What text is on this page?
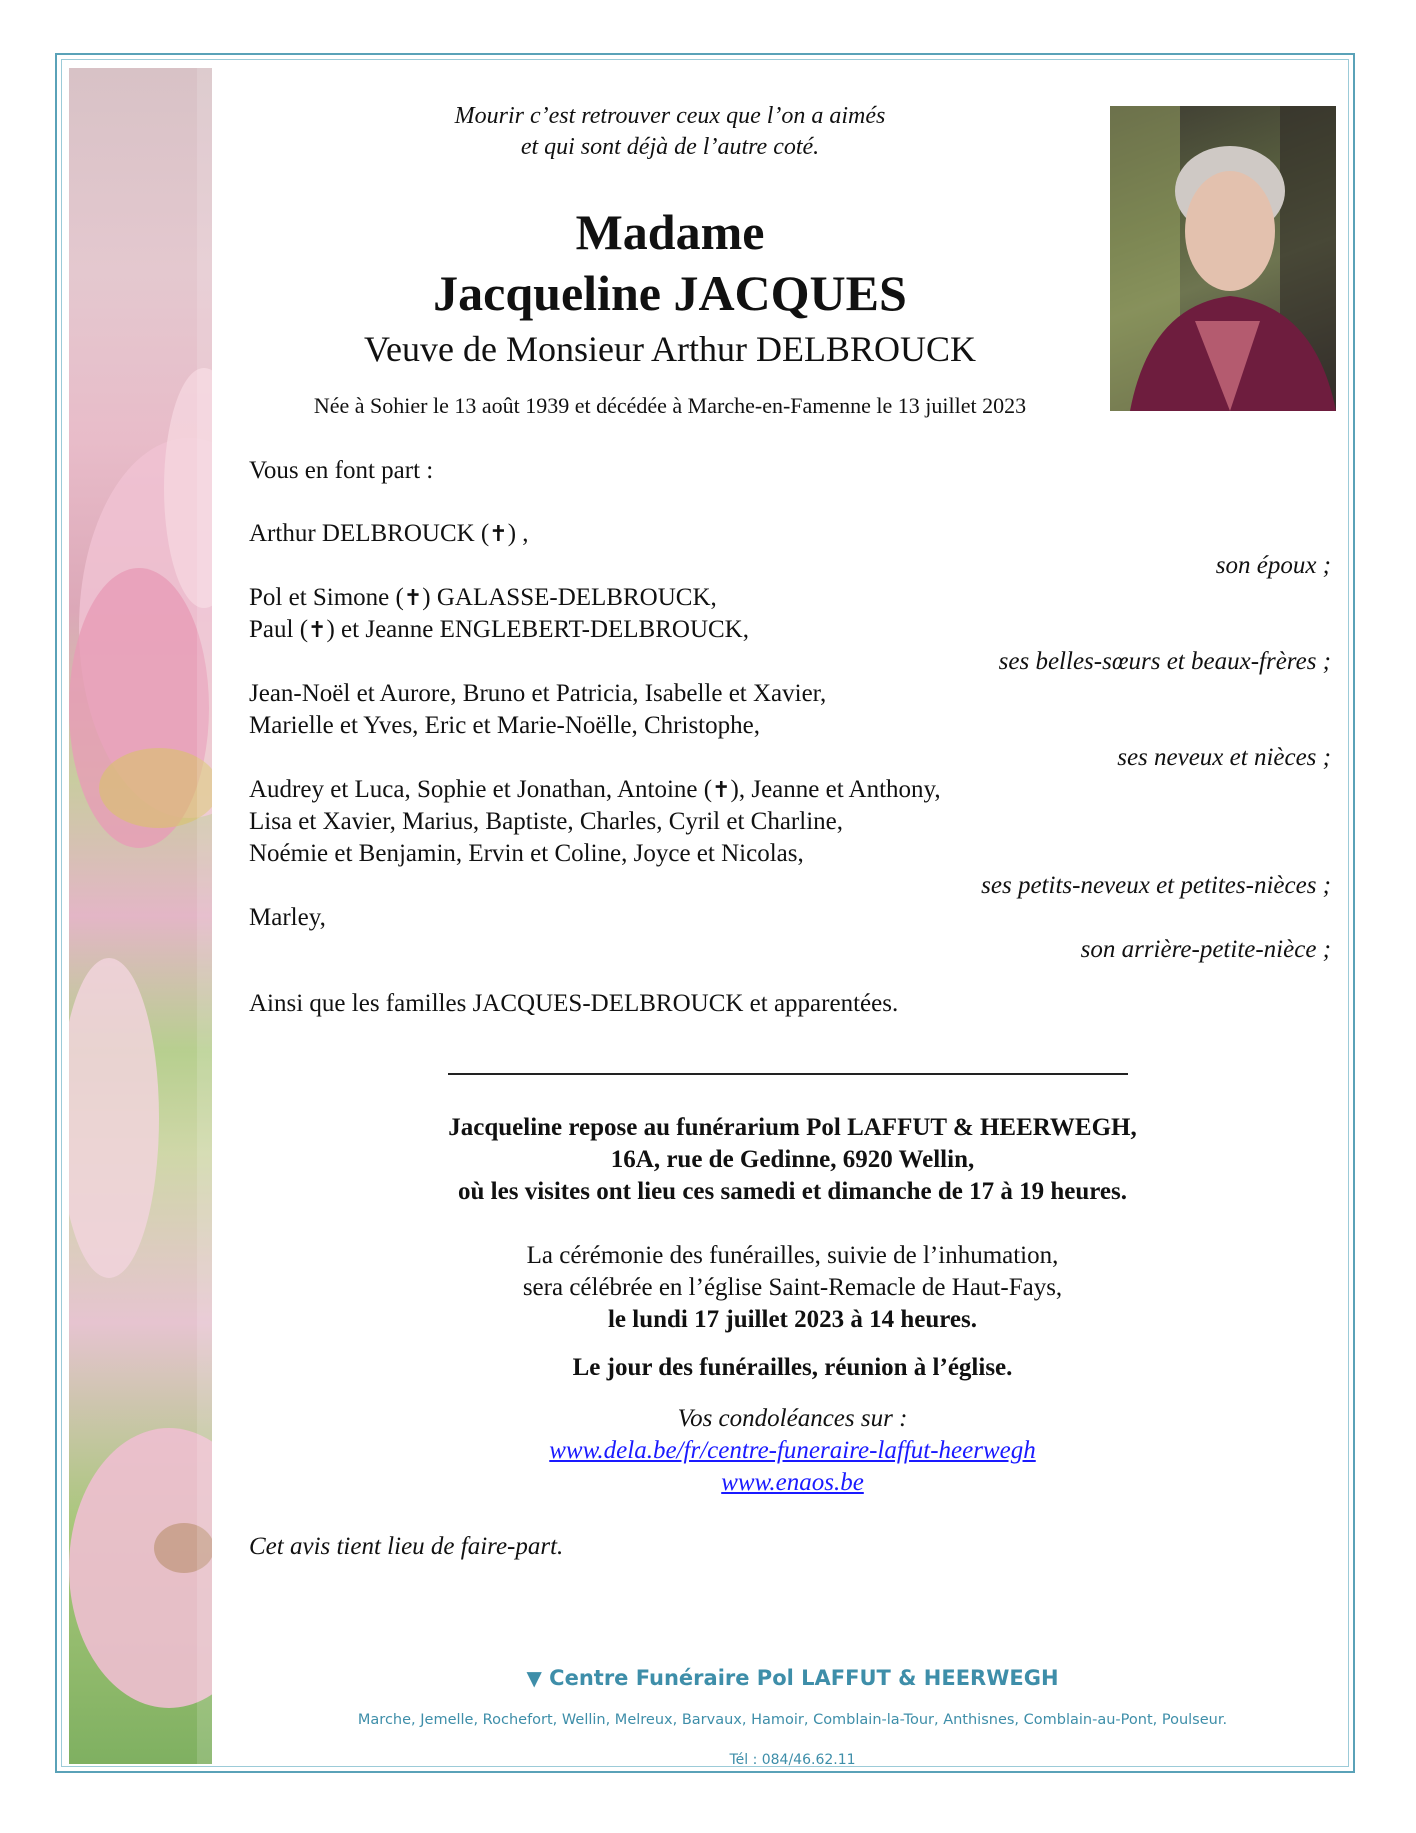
Mourir c’est retrouver ceux que l’on a aimés
et qui sont déjà de l’autre coté.
Madame
Jacqueline JACQUES
Veuve de Monsieur Arthur DELBROUCK
Née à Sohier le 13 août 1939 et décédée à Marche-en-Famenne le 13 juillet 2023
Vous en font part :
Arthur DELBROUCK (✝) ,
son époux ;
Pol et Simone (✝) GALASSE-DELBROUCK,
Paul (✝) et Jeanne ENGLEBERT-DELBROUCK,
ses belles-sœurs et beaux-frères ;
Jean-Noël et Aurore, Bruno et Patricia, Isabelle et Xavier,
Marielle et Yves, Eric et Marie-Noëlle, Christophe,
ses neveux et nièces ;
Audrey et Luca, Sophie et Jonathan, Antoine (✝), Jeanne et Anthony,
Lisa et Xavier, Marius, Baptiste, Charles, Cyril et Charline,
Noémie et Benjamin, Ervin et Coline, Joyce et Nicolas,
ses petits-neveux et petites-nièces ;
Marley,
son arrière-petite-nièce ;
Ainsi que les familles JACQUES-DELBROUCK et apparentées.
Jacqueline repose au funérarium Pol LAFFUT & HEERWEGH,
16A, rue de Gedinne, 6920 Wellin,
où les visites ont lieu ces samedi et dimanche de 17 à 19 heures.
La cérémonie des funérailles, suivie de l’inhumation,
sera célébrée en l’église Saint-Remacle de Haut-Fays,
le lundi 17 juillet 2023 à 14 heures.
Le jour des funérailles, réunion à l’église.
Vos condoléances sur :
www.dela.be/fr/centre-funeraire-laffut-heerwegh
www.enaos.be
Cet avis tient lieu de faire-part.
▼ Centre Funéraire Pol LAFFUT & HEERWEGH
Marche, Jemelle, Rochefort, Wellin, Melreux, Barvaux, Hamoir, Comblain-la-Tour, Anthisnes, Comblain-au-Pont, Poulseur.
Tél : 084/46.62.11
